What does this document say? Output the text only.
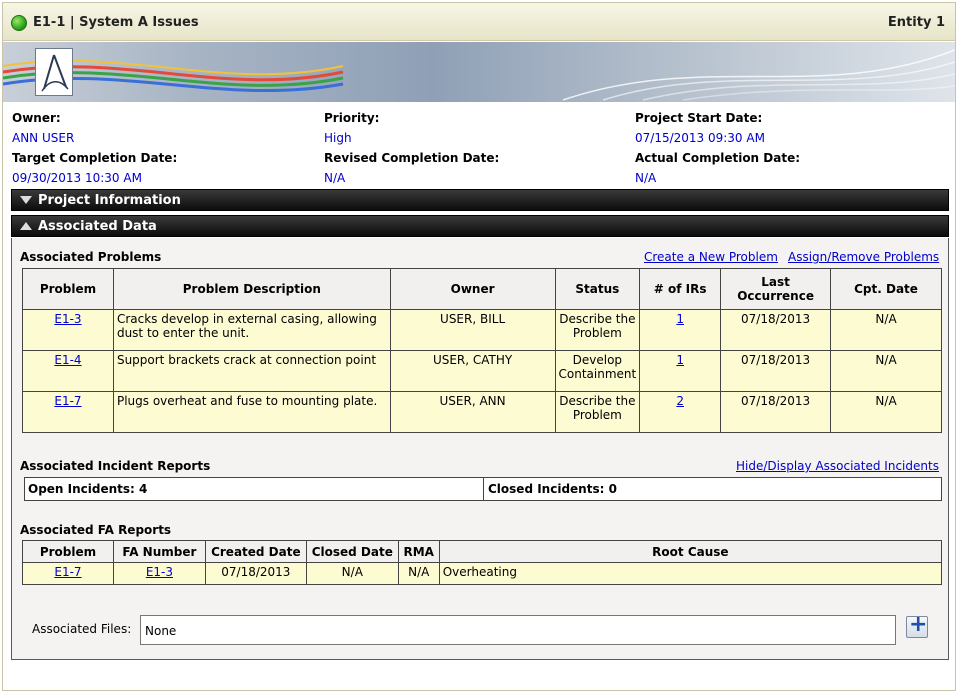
E1-1 | System A Issues	Entity 1
Owner:
ANN USER
Priority:
High
Project Start Date:
07/15/2013 09:30 AM
Target Completion Date:
09/30/2013 10:30 AM
Revised Completion Date:
N/A
Actual Completion Date:
N/A
Project Information
Associated Data
Associated Problems	Create a New Problem Assign/Remove Problems
Problem	Problem Description	Owner	Status	# of IRs	Last Occurrence	Cpt. Date
E1-3	Cracks develop in external casing, allowing dust to enter the unit.	USER, BILL	Describe the Problem	1	07/18/2013	N/A
E1-4	Support brackets crack at connection point	USER, CATHY	Develop Containment	1	07/18/2013	N/A
E1-7	Plugs overheat and fuse to mounting plate.	USER, ANN	Describe the Problem	2	07/18/2013	N/A
Associated Incident Reports	Hide/Display Associated Incidents
Open Incidents: 4	Closed Incidents: 0
Associated FA Reports
Problem	FA Number	Created Date	Closed Date	RMA	Root Cause
E1-7	E1-3	07/18/2013	N/A	N/A	Overheating
Associated Files:	None	+
